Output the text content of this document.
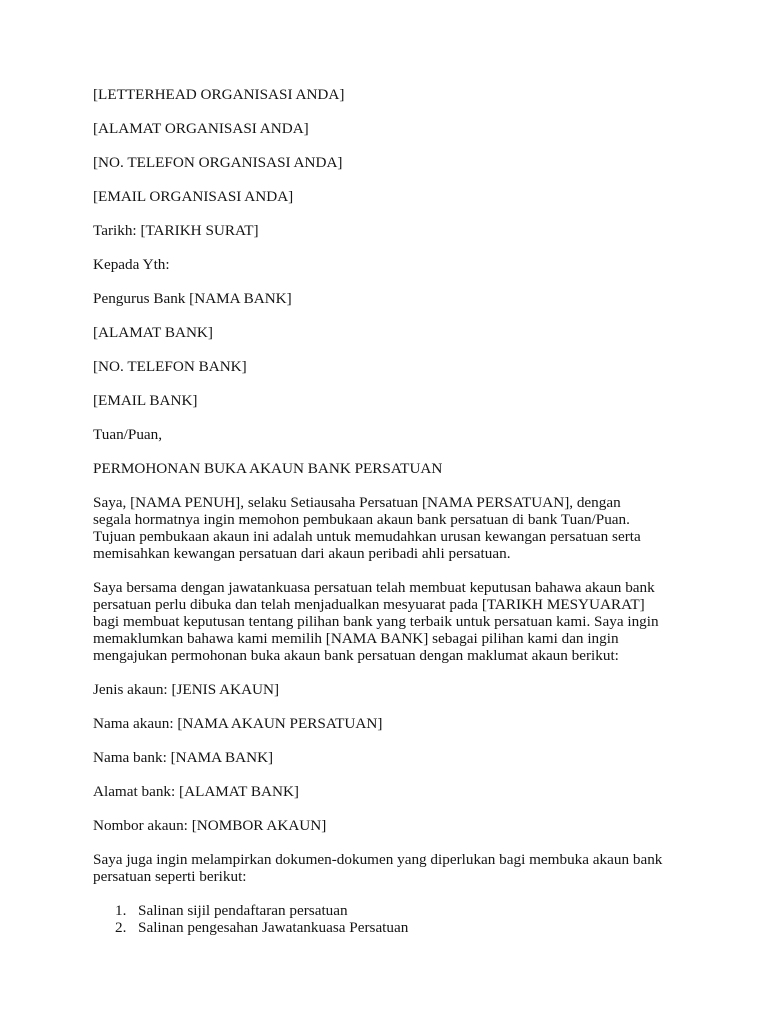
[LETTERHEAD ORGANISASI ANDA]
[ALAMAT ORGANISASI ANDA]
[NO. TELEFON ORGANISASI ANDA]
[EMAIL ORGANISASI ANDA]
Tarikh: [TARIKH SURAT]
Kepada Yth:
Pengurus Bank [NAMA BANK]
[ALAMAT BANK]
[NO. TELEFON BANK]
[EMAIL BANK]
Tuan/Puan,
PERMOHONAN BUKA AKAUN BANK PERSATUAN
Saya, [NAMA PENUH], selaku Setiausaha Persatuan [NAMA PERSATUAN], dengan
segala hormatnya ingin memohon pembukaan akaun bank persatuan di bank Tuan/Puan.
Tujuan pembukaan akaun ini adalah untuk memudahkan urusan kewangan persatuan serta
memisahkan kewangan persatuan dari akaun peribadi ahli persatuan.
Saya bersama dengan jawatankuasa persatuan telah membuat keputusan bahawa akaun bank
persatuan perlu dibuka dan telah menjadualkan mesyuarat pada [TARIKH MESYUARAT]
bagi membuat keputusan tentang pilihan bank yang terbaik untuk persatuan kami. Saya ingin
memaklumkan bahawa kami memilih [NAMA BANK] sebagai pilihan kami dan ingin
mengajukan permohonan buka akaun bank persatuan dengan maklumat akaun berikut:
Jenis akaun: [JENIS AKAUN]
Nama akaun: [NAMA AKAUN PERSATUAN]
Nama bank: [NAMA BANK]
Alamat bank: [ALAMAT BANK]
Nombor akaun: [NOMBOR AKAUN]
Saya juga ingin melampirkan dokumen-dokumen yang diperlukan bagi membuka akaun bank
persatuan seperti berikut:
1. Salinan sijil pendaftaran persatuan
2. Salinan pengesahan Jawatankuasa Persatuan
